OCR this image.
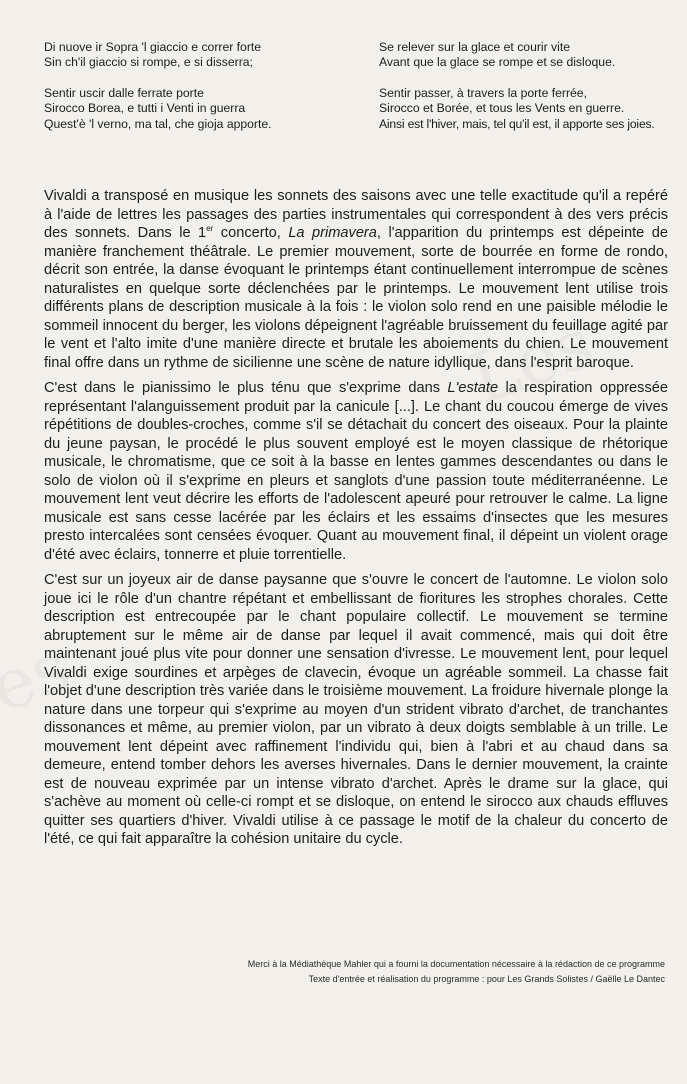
Di nuove ir Sopra 'l giaccio e correr forte
Sin ch'il giaccio si rompe, e si disserra;
Sentir uscir dalle ferrate porte
Sirocco Borea, e tutti i Venti in guerra
Quest'è 'l verno, ma tal, che gioja apporte.
Se relever sur la glace et courir vite
Avant que la glace se rompe et se disloque.
Sentir passer, à travers la porte ferrée,
Sirocco et Borée, et tous les Vents en guerre.
Ainsi est l'hiver, mais, tel qu'il est, il apporte ses joies.

Vivaldi a transposé en musique les sonnets des saisons avec une telle exactitude qu'il a repéré à l'aide de lettres les passages des parties instrumentales qui correspondent à des vers précis des sonnets. Dans le 1er concerto, La primavera, l'apparition du printemps est dépeinte de manière franchement théâtrale. Le premier mouvement, sorte de bourrée en forme de rondo, décrit son entrée, la danse évoquant le printemps étant continuellement interrompue de scènes naturalistes en quelque sorte déclenchées par le printemps. Le mouvement lent utilise trois différents plans de description musicale à la fois : le violon solo rend en une paisible mélodie le sommeil innocent du berger, les violons dépeignent l'agréable bruissement du feuillage agité par le vent et l'alto imite d'une manière directe et brutale les aboiements du chien. Le mouvement final offre dans un rythme de sicilienne une scène de nature idyllique, dans l'esprit baroque.

C'est dans le pianissimo le plus ténu que s'exprime dans L'estate la respiration oppressée représentant l'alanguissement produit par la canicule [...]. Le chant du coucou émerge de vives répétitions de doubles-croches, comme s'il se détachait du concert des oiseaux. Pour la plainte du jeune paysan, le procédé le plus souvent employé est le moyen classique de rhétorique musicale, le chromatisme, que ce soit à la basse en lentes gammes descendantes ou dans le solo de violon où il s'exprime en pleurs et sanglots d'une passion toute méditerranéenne. Le mouvement lent veut décrire les efforts de l'adolescent apeuré pour retrouver le calme. La ligne musicale est sans cesse lacérée par les éclairs et les essaims d'insectes que les mesures presto intercalées sont censées évoquer. Quant au mouvement final, il dépeint un violent orage d'été avec éclairs, tonnerre et pluie torrentielle.

C'est sur un joyeux air de danse paysanne que s'ouvre le concert de l'automne. Le violon solo joue ici le rôle d'un chantre répétant et embellissant de fioritures les strophes chorales. Cette description est entrecoupée par le chant populaire collectif. Le mouvement se termine abruptement sur le même air de danse par lequel il avait commencé, mais qui doit être maintenant joué plus vite pour donner une sensation d'ivresse. Le mouvement lent, pour lequel Vivaldi exige sourdines et arpèges de clavecin, évoque un agréable sommeil. La chasse fait l'objet d'une description très variée dans le troisième mouvement. La froidure hivernale plonge la nature dans une torpeur qui s'exprime au moyen d'un strident vibrato d'archet, de tranchantes dissonances et même, au premier violon, par un vibrato à deux doigts semblable à un trille. Le mouvement lent dépeint avec raffinement l'individu qui, bien à l'abri et au chaud dans sa demeure, entend tomber dehors les averses hivernales. Dans le dernier mouvement, la crainte est de nouveau exprimée par un intense vibrato d'archet. Après le drame sur la glace, qui s'achève au moment où celle-ci rompt et se disloque, on entend le sirocco aux chauds effluves quitter ses quartiers d'hiver. Vivaldi utilise à ce passage le motif de la chaleur du concerto de l'été, ce qui fait apparaître la cohésion unitaire du cycle.

Merci à la Médiathèque Mahler qui a fourni la documentation nécessaire à la rédaction de ce programme
Texte d'entrée et réalisation du programme : pour Les Grands Solistes / Gaëlle Le Dantec
